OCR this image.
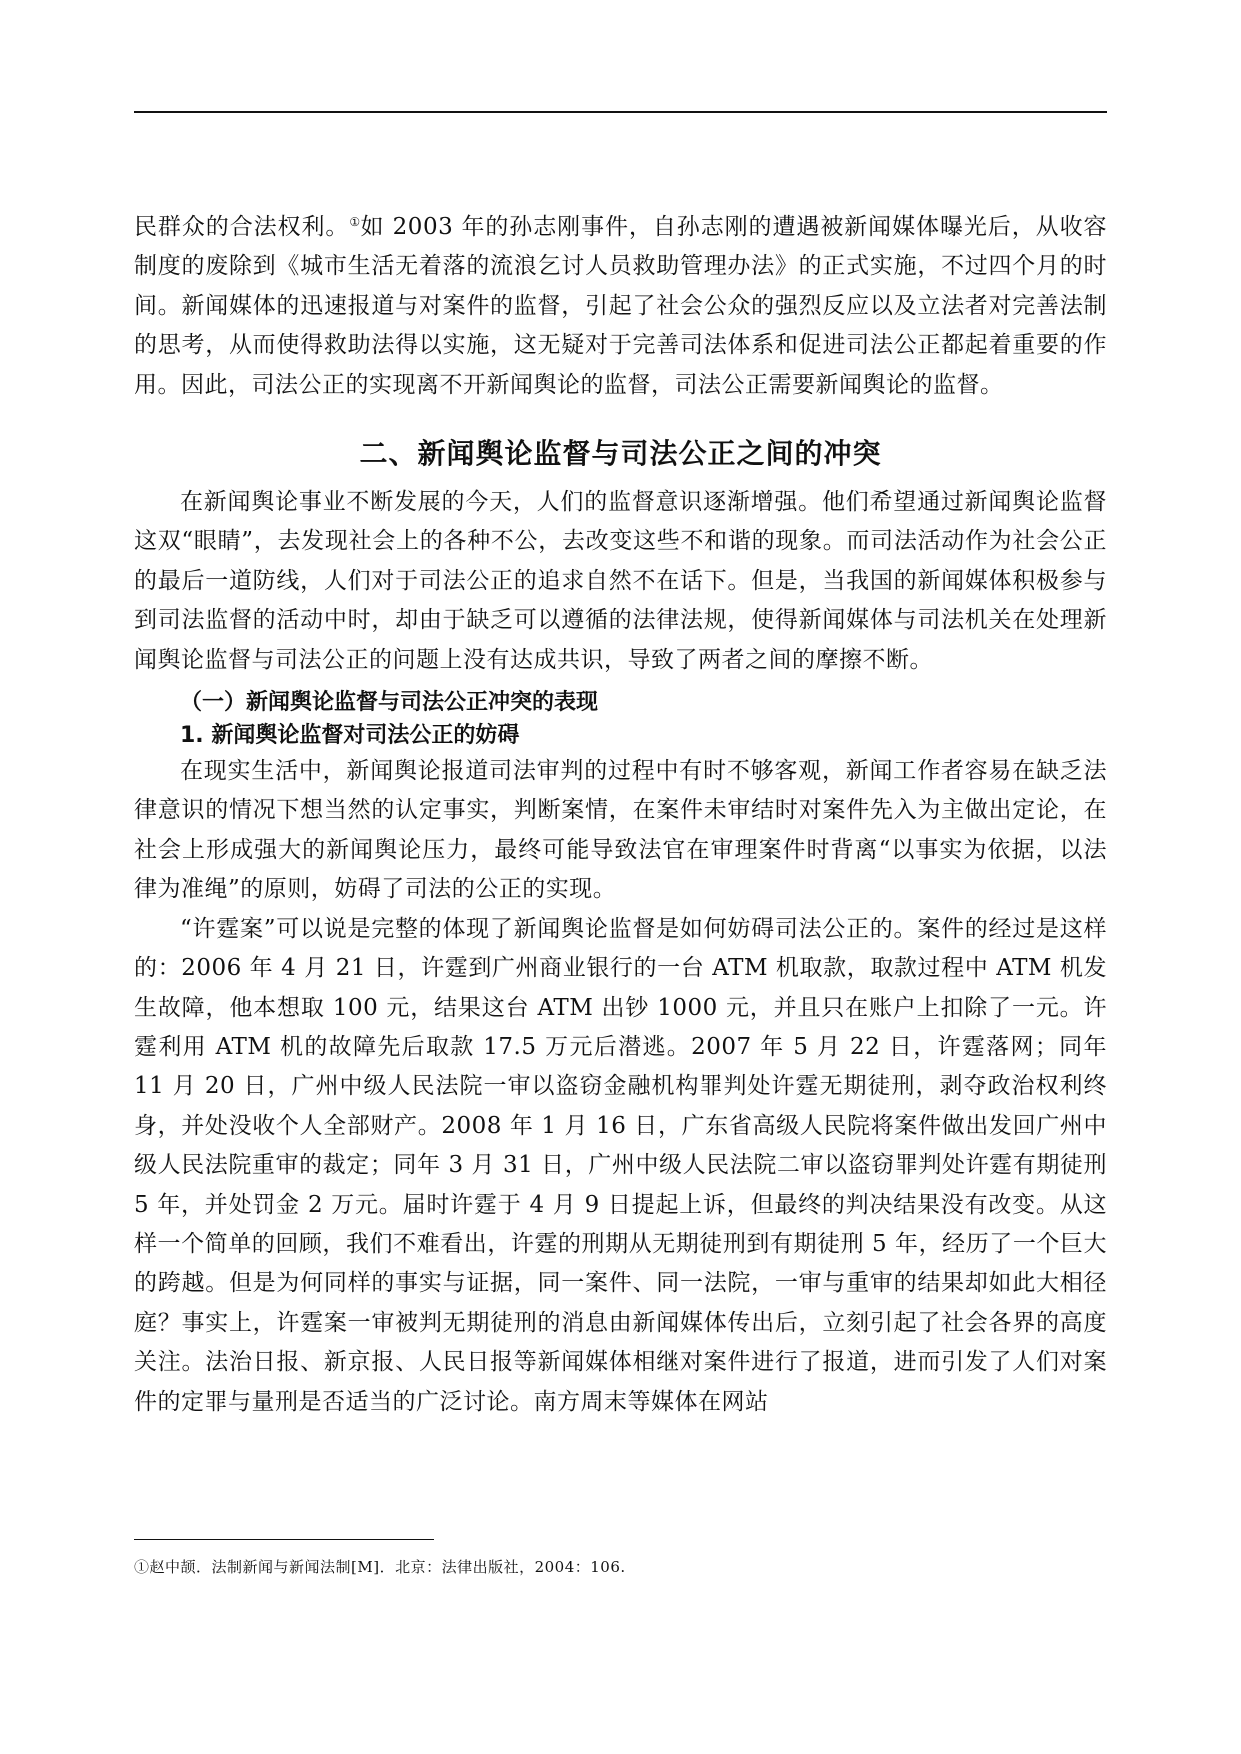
民群众的合法权利。①如 2003 年的孙志刚事件，自孙志刚的遭遇被新闻媒体曝光后，从收容制度的废除到《城市生活无着落的流浪乞讨人员救助管理办法》的正式实施，不过四个月的时间。新闻媒体的迅速报道与对案件的监督，引起了社会公众的强烈反应以及立法者对完善法制的思考，从而使得救助法得以实施，这无疑对于完善司法体系和促进司法公正都起着重要的作用。因此，司法公正的实现离不开新闻舆论的监督，司法公正需要新闻舆论的监督。

二、新闻舆论监督与司法公正之间的冲突

在新闻舆论事业不断发展的今天，人们的监督意识逐渐增强。他们希望通过新闻舆论监督这双“眼睛”，去发现社会上的各种不公，去改变这些不和谐的现象。而司法活动作为社会公正的最后一道防线，人们对于司法公正的追求自然不在话下。但是，当我国的新闻媒体积极参与到司法监督的活动中时，却由于缺乏可以遵循的法律法规，使得新闻媒体与司法机关在处理新闻舆论监督与司法公正的问题上没有达成共识，导致了两者之间的摩擦不断。

（一）新闻舆论监督与司法公正冲突的表现
1. 新闻舆论监督对司法公正的妨碍

在现实生活中，新闻舆论报道司法审判的过程中有时不够客观，新闻工作者容易在缺乏法律意识的情况下想当然的认定事实，判断案情，在案件未审结时对案件先入为主做出定论，在社会上形成强大的新闻舆论压力，最终可能导致法官在审理案件时背离“以事实为依据，以法律为准绳”的原则，妨碍了司法的公正的实现。

“许霆案”可以说是完整的体现了新闻舆论监督是如何妨碍司法公正的。案件的经过是这样的：2006 年 4 月 21 日，许霆到广州商业银行的一台 ATM 机取款，取款过程中 ATM 机发生故障，他本想取 100 元，结果这台 ATM 出钞 1000 元，并且只在账户上扣除了一元。许霆利用 ATM 机的故障先后取款 17.5 万元后潜逃。2007 年 5 月 22 日，许霆落网；同年 11 月 20 日，广州中级人民法院一审以盗窃金融机构罪判处许霆无期徒刑，剥夺政治权利终身，并处没收个人全部财产。2008 年 1 月 16 日，广东省高级人民院将案件做出发回广州中级人民法院重审的裁定；同年 3 月 31 日，广州中级人民法院二审以盗窃罪判处许霆有期徒刑 5 年，并处罚金 2 万元。届时许霆于 4 月 9 日提起上诉，但最终的判决结果没有改变。从这样一个简单的回顾，我们不难看出，许霆的刑期从无期徒刑到有期徒刑 5 年，经历了一个巨大的跨越。但是为何同样的事实与证据，同一案件、同一法院，一审与重审的结果却如此大相径庭？事实上，许霆案一审被判无期徒刑的消息由新闻媒体传出后，立刻引起了社会各界的高度关注。法治日报、新京报、人民日报等新闻媒体相继对案件进行了报道，进而引发了人们对案件的定罪与量刑是否适当的广泛讨论。南方周末等媒体在网站

①赵中颉．法制新闻与新闻法制[M]．北京：法律出版社，2004：106.
